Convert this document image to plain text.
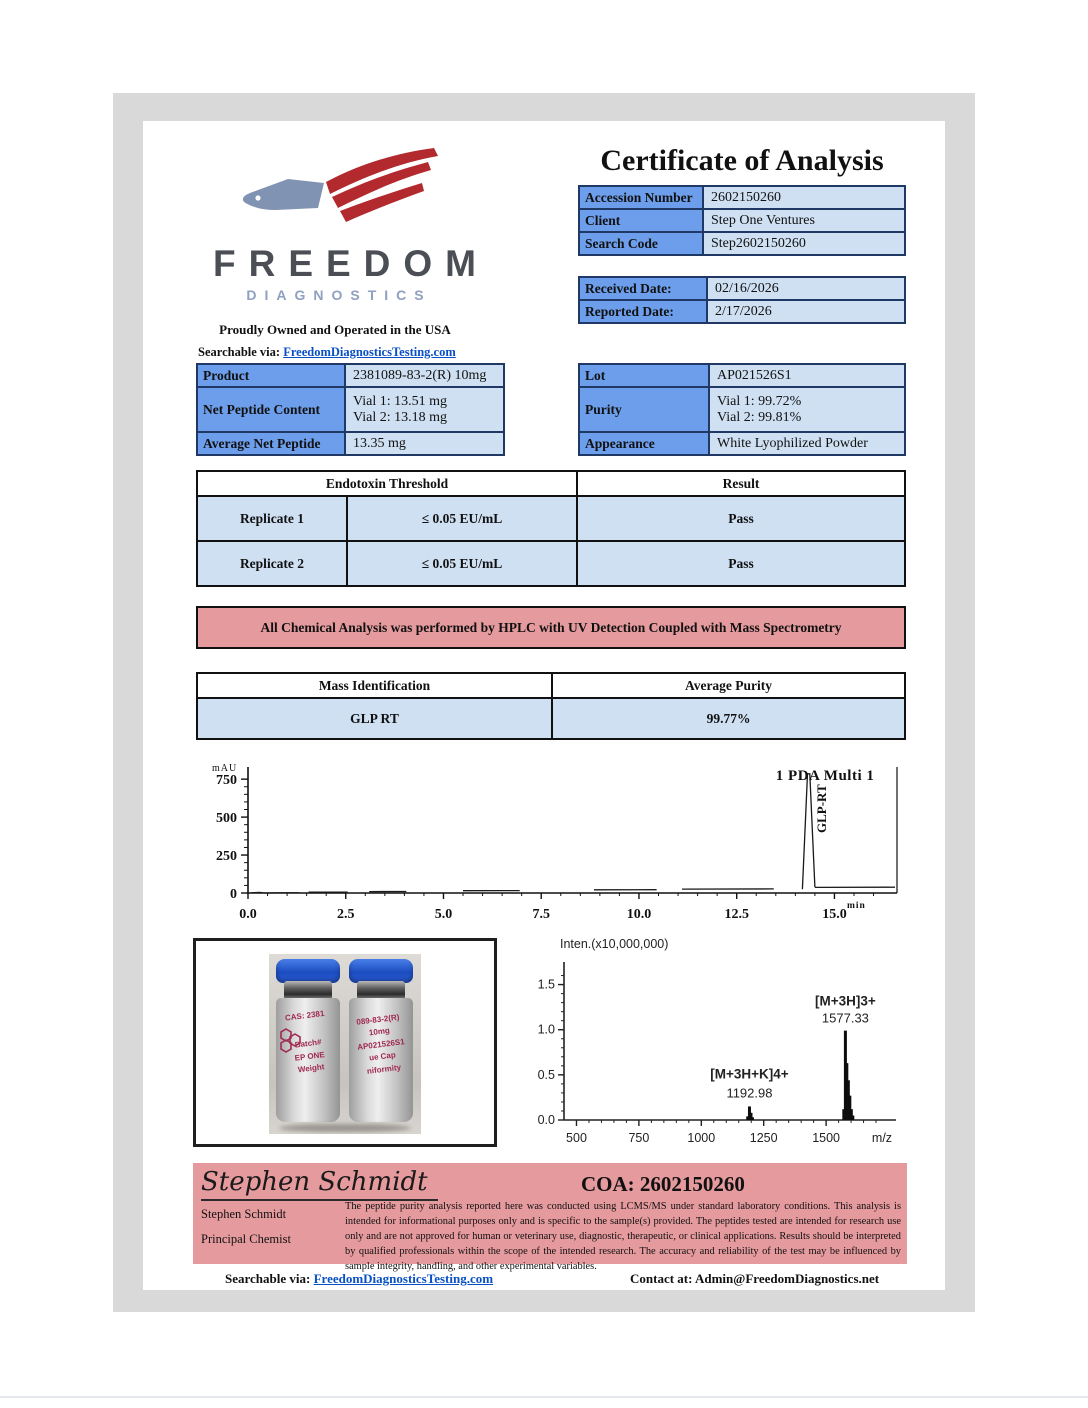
FREEDOM
DIAGNOSTICS
Proudly Owned and Operated in the USA
Searchable via: FreedomDiagnosticsTesting.com
Certificate of Analysis
Accession Number	2602150260
Client	Step One Ventures
Search Code	Step2602150260
Received Date:	02/16/2026
Reported Date:	2/17/2026
Product	2381089-83-2(R) 10mg
Net Peptide Content	Vial 1: 13.51 mg
Vial 2: 13.18 mg

Average Net Peptide	13.35 mg
Lot	AP021526S1
Purity	Vial 1: 99.72%
Vial 2: 99.81%

Appearance	White Lyophilized Powder
Endotoxin Threshold		Result
Replicate 1	≤ 0.05 EU/mL	Pass
Replicate 2	≤ 0.05 EU/mL	Pass
All Chemical Analysis was performed by HPLC with UV Detection Coupled with Mass Spectrometry
Mass Identification	Average Purity
GLP RT	99.77%
0
250
500
750
0.0	2.5	5.0	7.5	10.0	12.5	15.0
mAU
min
1 PDA Multi 1
GLP-RT
CAS: 2381
Batch#
EP ONE
Weight
089-83-2(R)
10mg
AP021526S1
ue Cap
niformity
0.0
0.5
1.0
1.5
500	750	1000	1250	1500	m/z
Inten.(x10,000,000)
[M+3H+K]4+
1192.98
[M+3H]3+
1577.33
Stephen Schmidt	COA: 2602150260
Stephen Schmidt
Principal Chemist
The peptide purity analysis reported here was conducted using LCMS/MS under standard laboratory conditions. This analysis is intended for informational purposes only and is specific to the sample(s) provided. The peptides tested are intended for research use only and are not approved for human or veterinary use, diagnostic, therapeutic, or clinical applications. Results should be interpreted by qualified professionals within the scope of the intended research. The accuracy and reliability of the test may be influenced by sample integrity, handling, and other experimental variables.
Searchable via: FreedomDiagnosticsTesting.com	Contact at: Admin@FreedomDiagnostics.net
